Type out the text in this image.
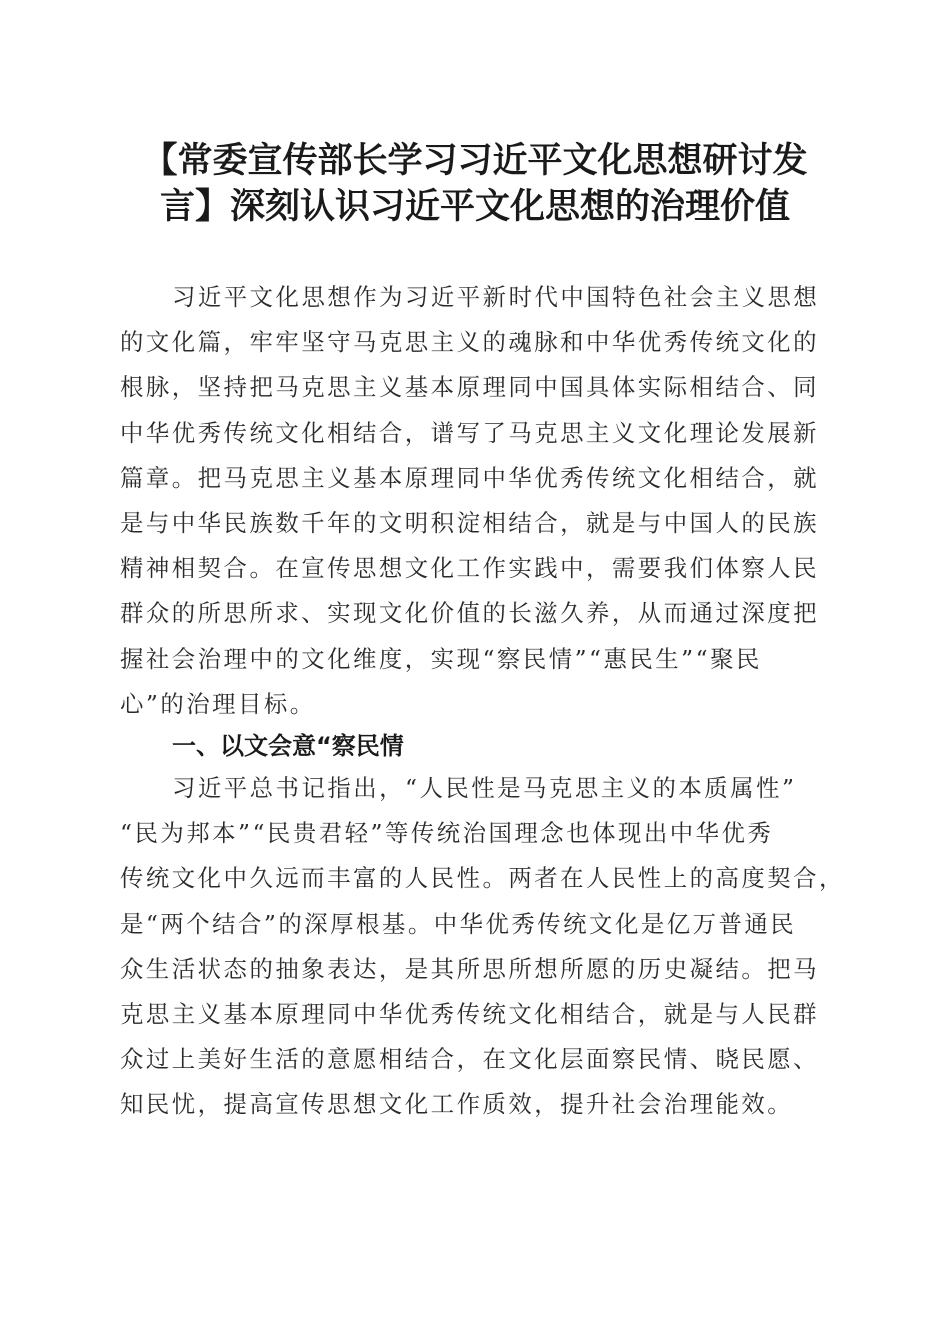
【常委宣传部长学习习近平文化思想研讨发
言】深刻认识习近平文化思想的治理价值
习近平文化思想作为习近平新时代中国特色社会主义思想
的文化篇，牢牢坚守马克思主义的魂脉和中华优秀传统文化的
根脉，坚持把马克思主义基本原理同中国具体实际相结合、同
中华优秀传统文化相结合，谱写了马克思主义文化理论发展新
篇章。把马克思主义基本原理同中华优秀传统文化相结合，就
是与中华民族数千年的文明积淀相结合，就是与中国人的民族
精神相契合。在宣传思想文化工作实践中，需要我们体察人民
群众的所思所求、实现文化价值的长滋久养，从而通过深度把
握社会治理中的文化维度，实现“察民情”“惠民生”“聚民
心”的治理目标。
一、以文会意“察民情
习近平总书记指出，“人民性是马克思主义的本质属性”
“民为邦本”“民贵君轻”等传统治国理念也体现出中华优秀
传统文化中久远而丰富的人民性。两者在人民性上的高度契合，
是“两个结合”的深厚根基。中华优秀传统文化是亿万普通民
众生活状态的抽象表达，是其所思所想所愿的历史凝结。把马
克思主义基本原理同中华优秀传统文化相结合，就是与人民群
众过上美好生活的意愿相结合，在文化层面察民情、晓民愿、
知民忧，提高宣传思想文化工作质效，提升社会治理能效。
